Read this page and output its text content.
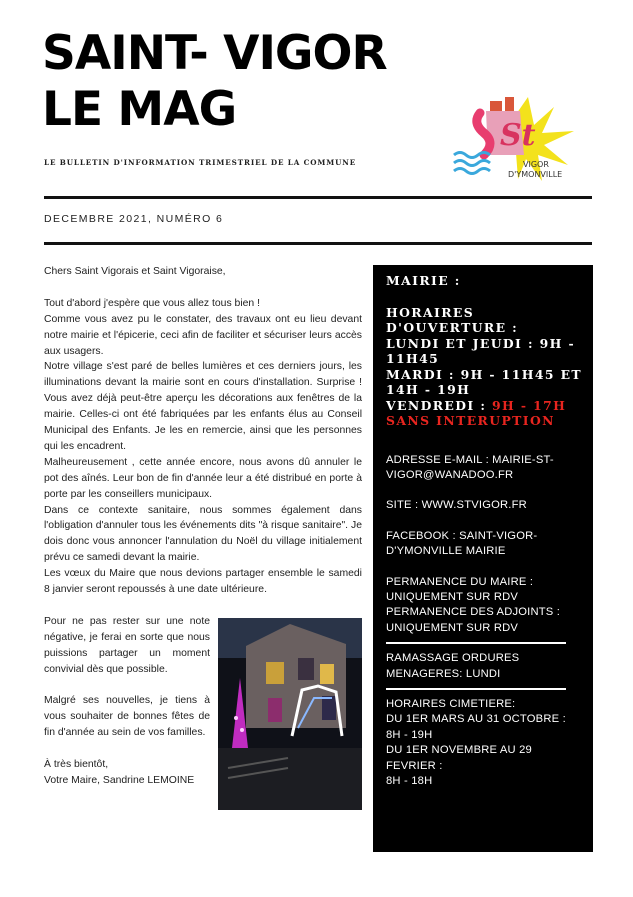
SAINT- VIGOR
LE MAG	St
VIGOR
D'YMONVILLE
LE BULLETIN D'INFORMATION TRIMESTRIEL DE LA COMMUNE
DECEMBRE 2021, NUMÉRO 6

Chers Saint Vigorais et Saint Vigoraise,

Tout d'abord j'espère que vous allez tous bien !

Comme vous avez pu le constater, des travaux ont eu lieu devant notre mairie et l'épicerie, ceci afin de faciliter et sécuriser leurs accès aux usagers.

Notre village s'est paré de belles lumières et ces derniers jours, les illuminations devant la mairie sont en cours d'installation. Surprise ! Vous avez déjà peut-être aperçu les décorations aux fenêtres de la mairie. Celles-ci ont été fabriquées par les enfants élus au Conseil Municipal des Enfants. Je les en remercie, ainsi que les personnes qui les encadrent.

Malheureusement , cette année encore, nous avons dû annuler le pot des aînés. Leur bon de fin d'année leur a été distribué en porte à porte par les conseillers municipaux.

Dans ce contexte sanitaire, nous sommes également dans l'obligation d'annuler tous les événements dits "à risque sanitaire". Je dois donc vous annoncer l'annulation du Noël du village initialement prévu ce samedi devant la mairie.

Les vœux du Maire que nous devions partager ensemble le samedi 8 janvier seront repoussés à une date ultérieure.

Pour ne pas rester sur une note négative, je ferai en sorte que nous puissions partager un moment convivial dès que possible.

Malgré ses nouvelles, je tiens à vous souhaiter de bonnes fêtes de fin d'année au sein de vos familles.

À très bientôt,

Votre Maire, Sandrine LEMOINE

MAIRIE :
HORAIRES D'OUVERTURE :
LUNDI ET JEUDI : 9H - 11H45
MARDI : 9H - 11H45 ET 14H - 19H
VENDREDI : 9H - 17H
SANS INTERUPTION
ADRESSE E-MAIL : MAIRIE-ST-VIGOR@WANADOO.FR
SITE : WWW.STVIGOR.FR
FACEBOOK : SAINT-VIGOR-D'YMONVILLE MAIRIE
PERMANENCE DU MAIRE : UNIQUEMENT SUR RDV
PERMANENCE DES ADJOINTS : UNIQUEMENT SUR RDV
RAMASSAGE ORDURES MENAGERES: LUNDI
HORAIRES CIMETIERE:
DU 1ER MARS AU 31 OCTOBRE :
8H - 19H
DU 1ER NOVEMBRE AU 29 FEVRIER :
8H - 18H
